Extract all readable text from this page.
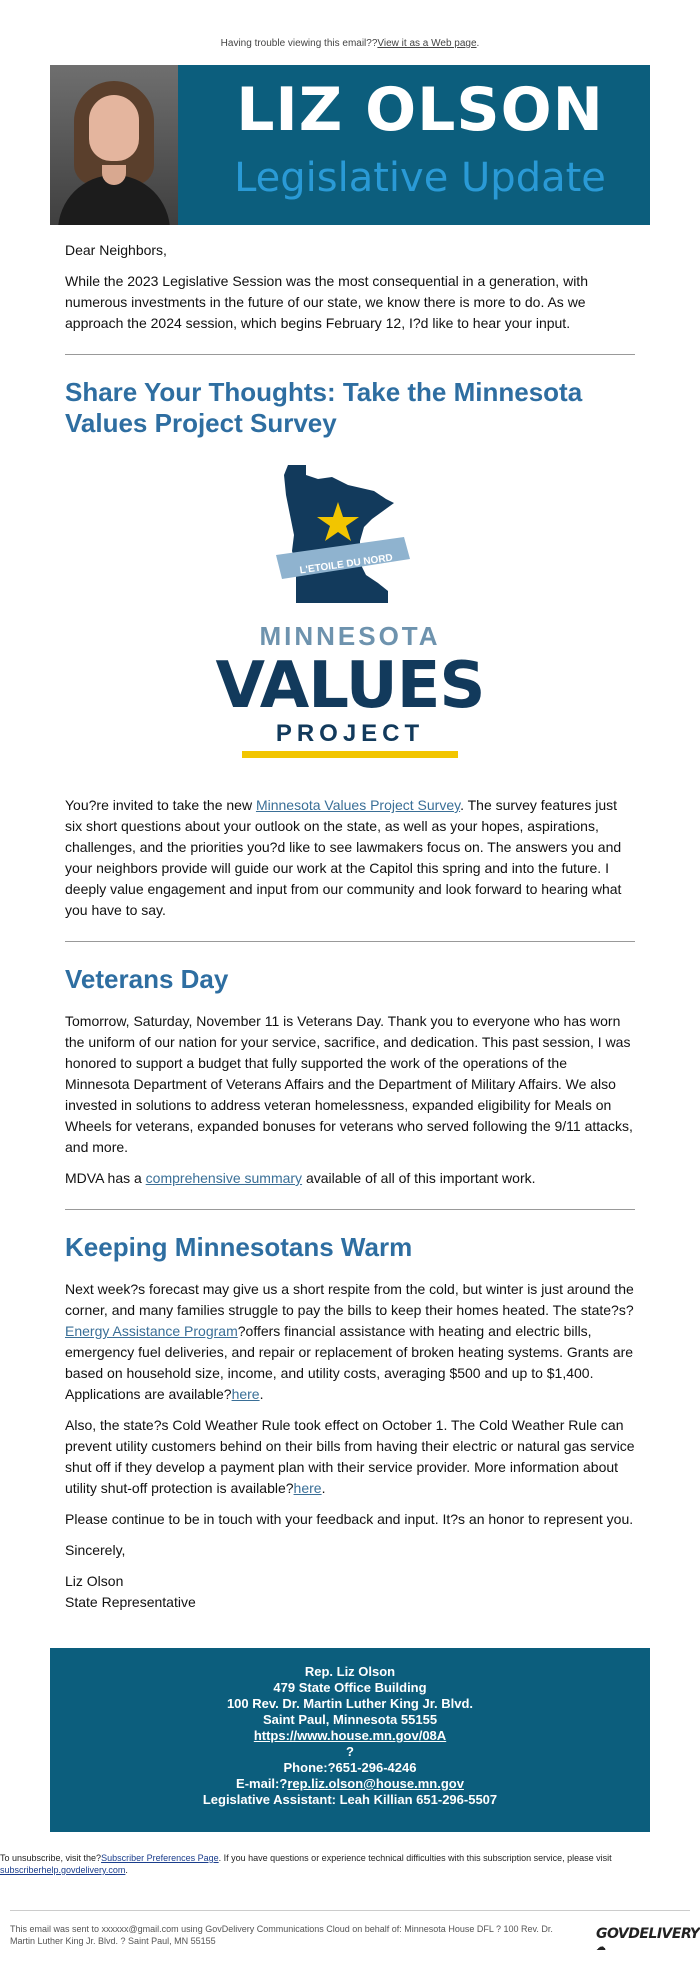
Having trouble viewing this email??View it as a Web page.
LIZ OLSON
Legislative Update

Dear Neighbors,

While the 2023 Legislative Session was the most consequential in a generation, with numerous investments in the future of our state, we know there is more to do. As we approach the 2024 session, which begins February 12, I?d like to hear your input.

Share Your Thoughts: Take the Minnesota Values Project Survey
L'ETOILE DU NORD
MINNESOTA
VALUES
PROJECT

You?re invited to take the new Minnesota Values Project Survey. The survey features just six short questions about your outlook on the state, as well as your hopes, aspirations, challenges, and the priorities you?d like to see lawmakers focus on. The answers you and your neighbors provide will guide our work at the Capitol this spring and into the future. I deeply value engagement and input from our community and look forward to hearing what you have to say.

Veterans Day

Tomorrow, Saturday, November 11 is Veterans Day. Thank you to everyone who has worn the uniform of our nation for your service, sacrifice, and dedication. This past session, I was honored to support a budget that fully supported the work of the operations of the Minnesota Department of Veterans Affairs and the Department of Military Affairs. We also invested in solutions to address veteran homelessness, expanded eligibility for Meals on Wheels for veterans, expanded bonuses for veterans who served following the 9/11 attacks, and more.

MDVA has a comprehensive summary available of all of this important work.

Keeping Minnesotans Warm

Next week?s forecast may give us a short respite from the cold, but winter is just around the corner, and many families struggle to pay the bills to keep their homes heated. The state?s?Energy Assistance Program?offers financial assistance with heating and electric bills, emergency fuel deliveries, and repair or replacement of broken heating systems. Grants are based on household size, income, and utility costs, averaging $500 and up to $1,400. Applications are available?here.

Also, the state?s Cold Weather Rule took effect on October 1. The Cold Weather Rule can prevent utility customers behind on their bills from having their electric or natural gas service shut off if they develop a payment plan with their service provider. More information about utility shut-off protection is available?here.

Please continue to be in touch with your feedback and input. It?s an honor to represent you.

Sincerely,

Liz Olson
State Representative

Rep. Liz Olson
479 State Office Building
100 Rev. Dr. Martin Luther King Jr. Blvd.
Saint Paul, Minnesota 55155
https://www.house.mn.gov/08A
?
Phone:?651-296-4246
E-mail:?rep.liz.olson@house.mn.gov
Legislative Assistant: Leah Killian 651-296-5507
To unsubscribe, visit the?Subscriber Preferences Page. If you have questions or experience technical difficulties with this subscription service, please visit subscriberhelp.govdelivery.com.
This email was sent to xxxxxx@gmail.com using GovDelivery Communications Cloud on behalf of: Minnesota House DFL ? 100 Rev. Dr. Martin Luther King Jr. Blvd. ? Saint Paul, MN 55155	GOVDELIVERY☁
